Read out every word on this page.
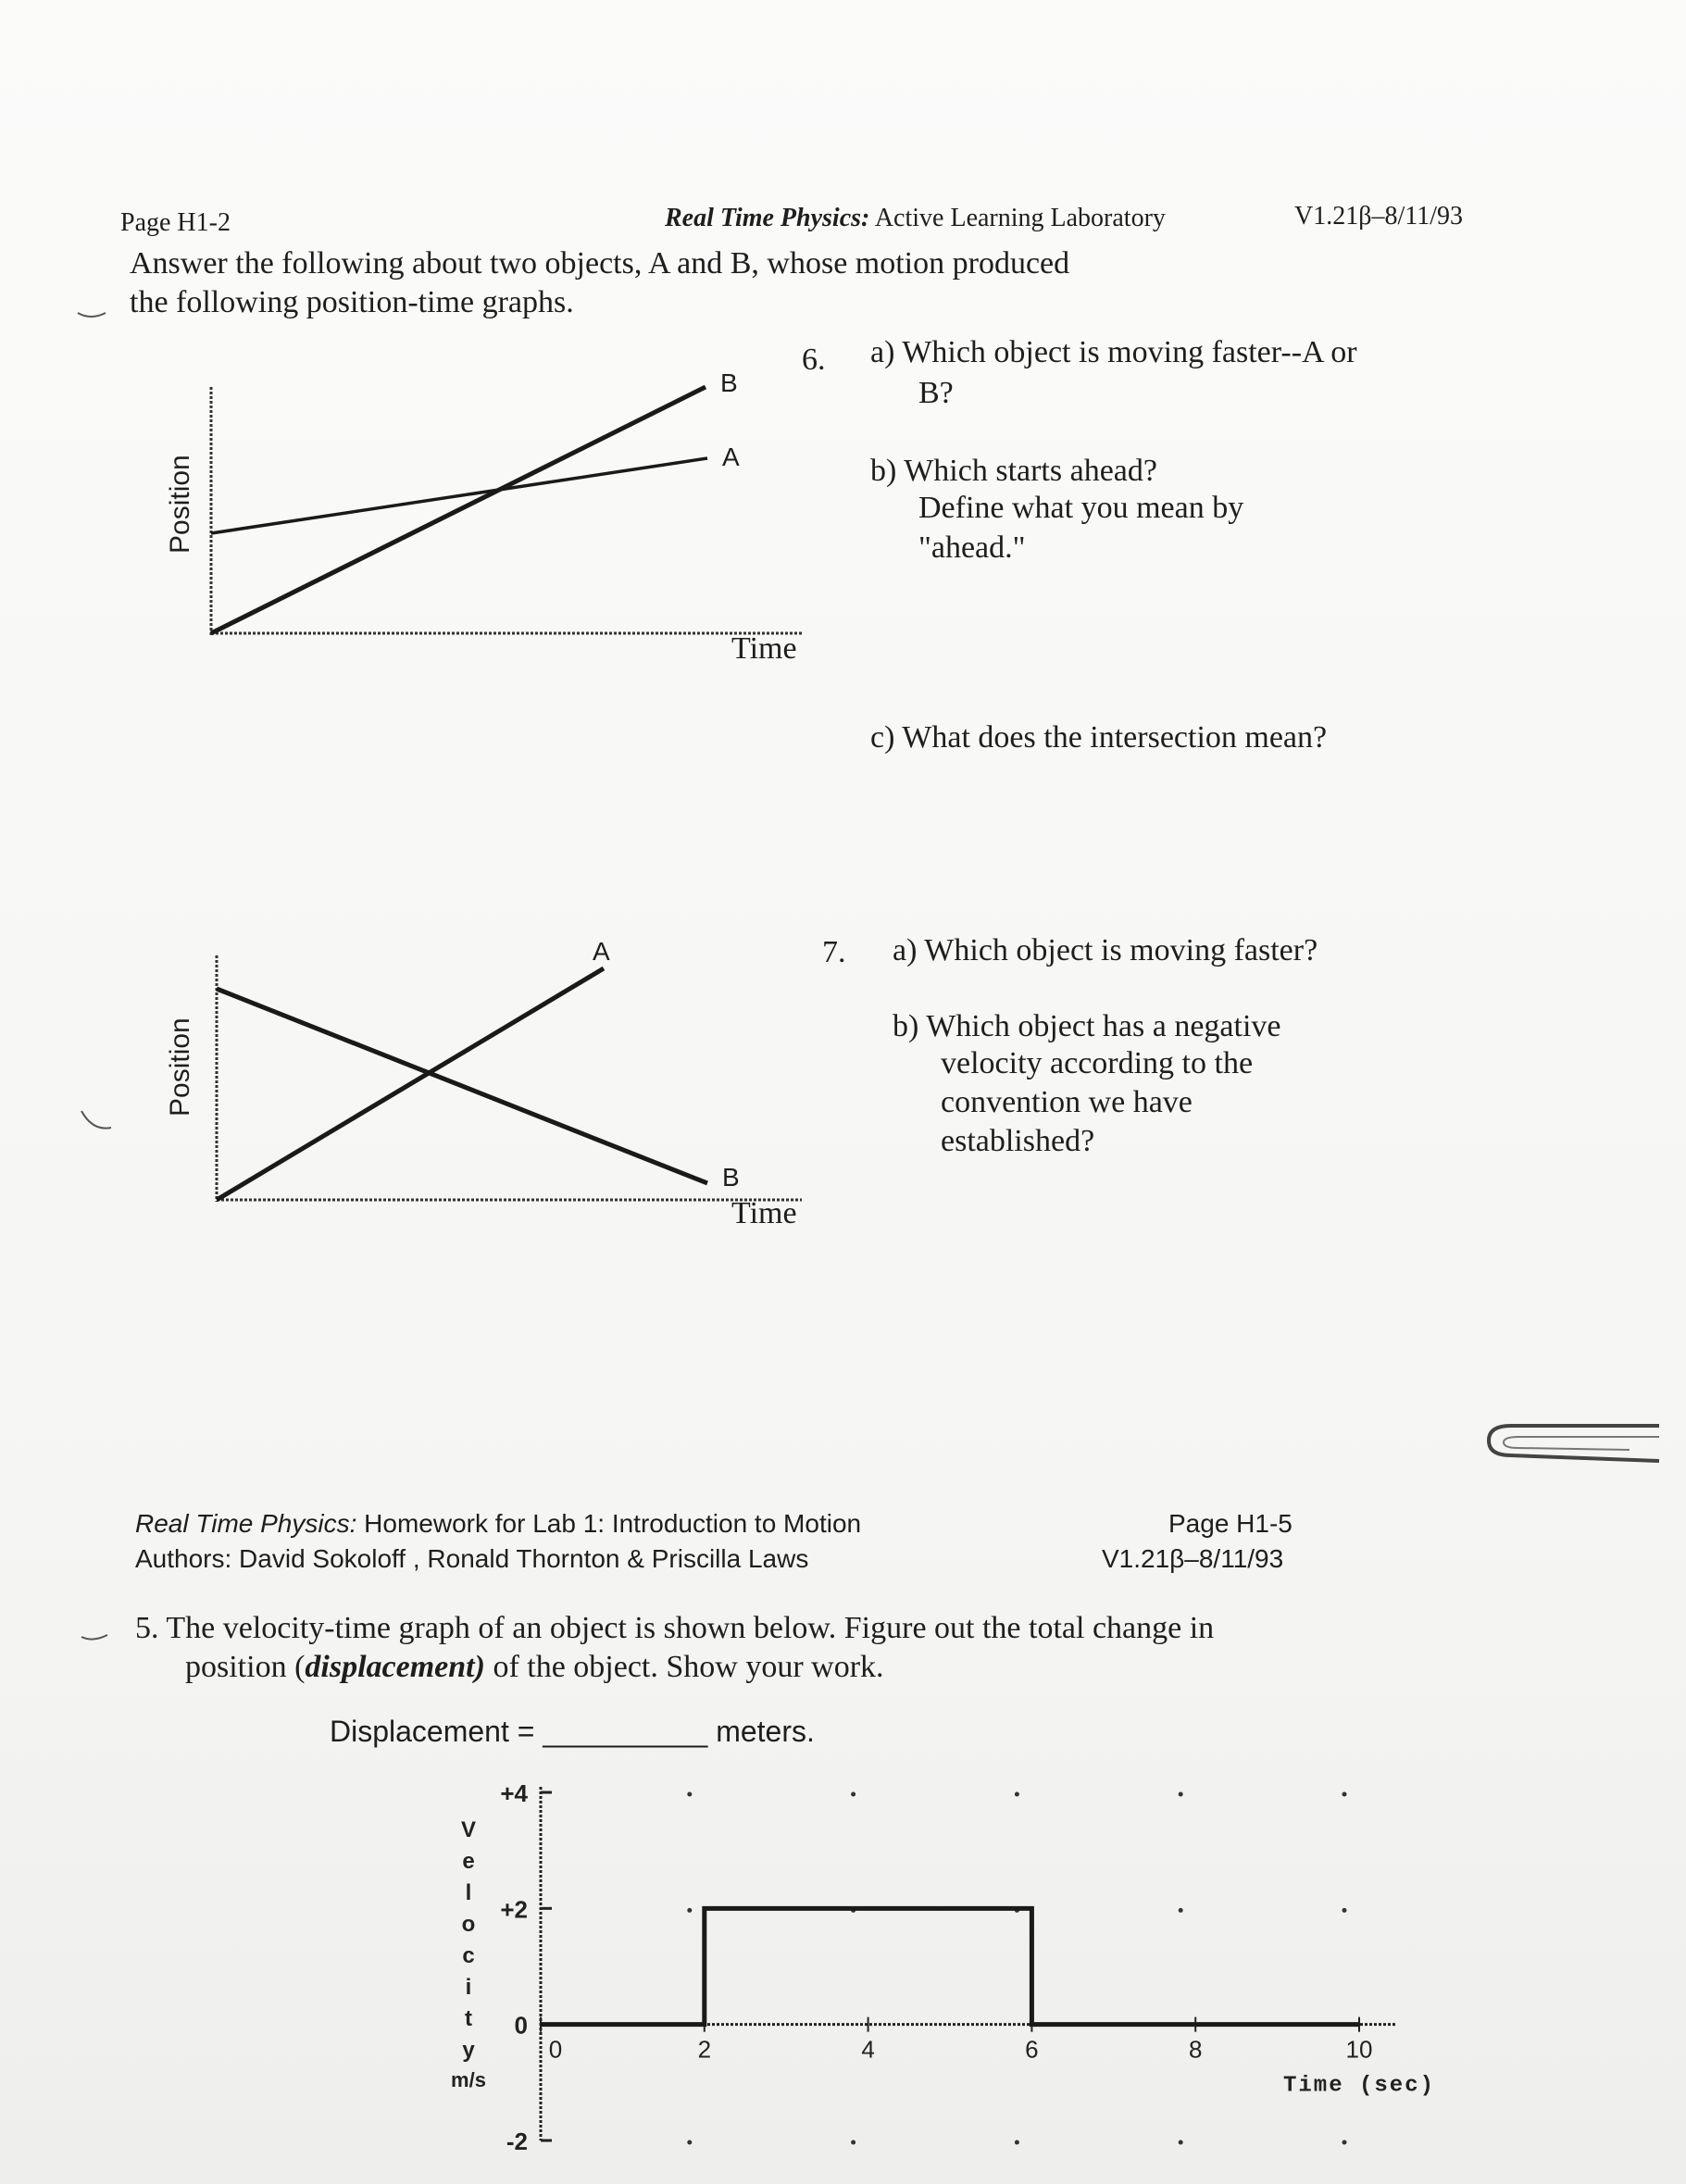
Page H1-2	Real Time Physics: Active Learning Laboratory	V1.21β–8/11/93
Answer the following about two objects, A and B, whose motion produced
the following position-time graphs.
Position
Time
B
A
6. a) Which object is moving faster--A or
B?
b) Which starts ahead?
Define what you mean by
"ahead."
c) What does the intersection mean?
Position
Time
A
B
7. a) Which object is moving faster?
b) Which object has a negative
velocity according to the
convention we have
established?
Real Time Physics: Homework for Lab 1: Introduction to Motion
Authors: David Sokoloff , Ronald Thornton & Priscilla Laws
Page H1-5
V1.21β–8/11/93
5. The velocity-time graph of an object is shown below. Figure out the total change in
position (displacement) of the object. Show your work.
Displacement = __________ meters.
+4
+2
0
-2
0	2	4	6	8	10
Time (sec)
V
e
l
o
c
i
t
y
m/s
